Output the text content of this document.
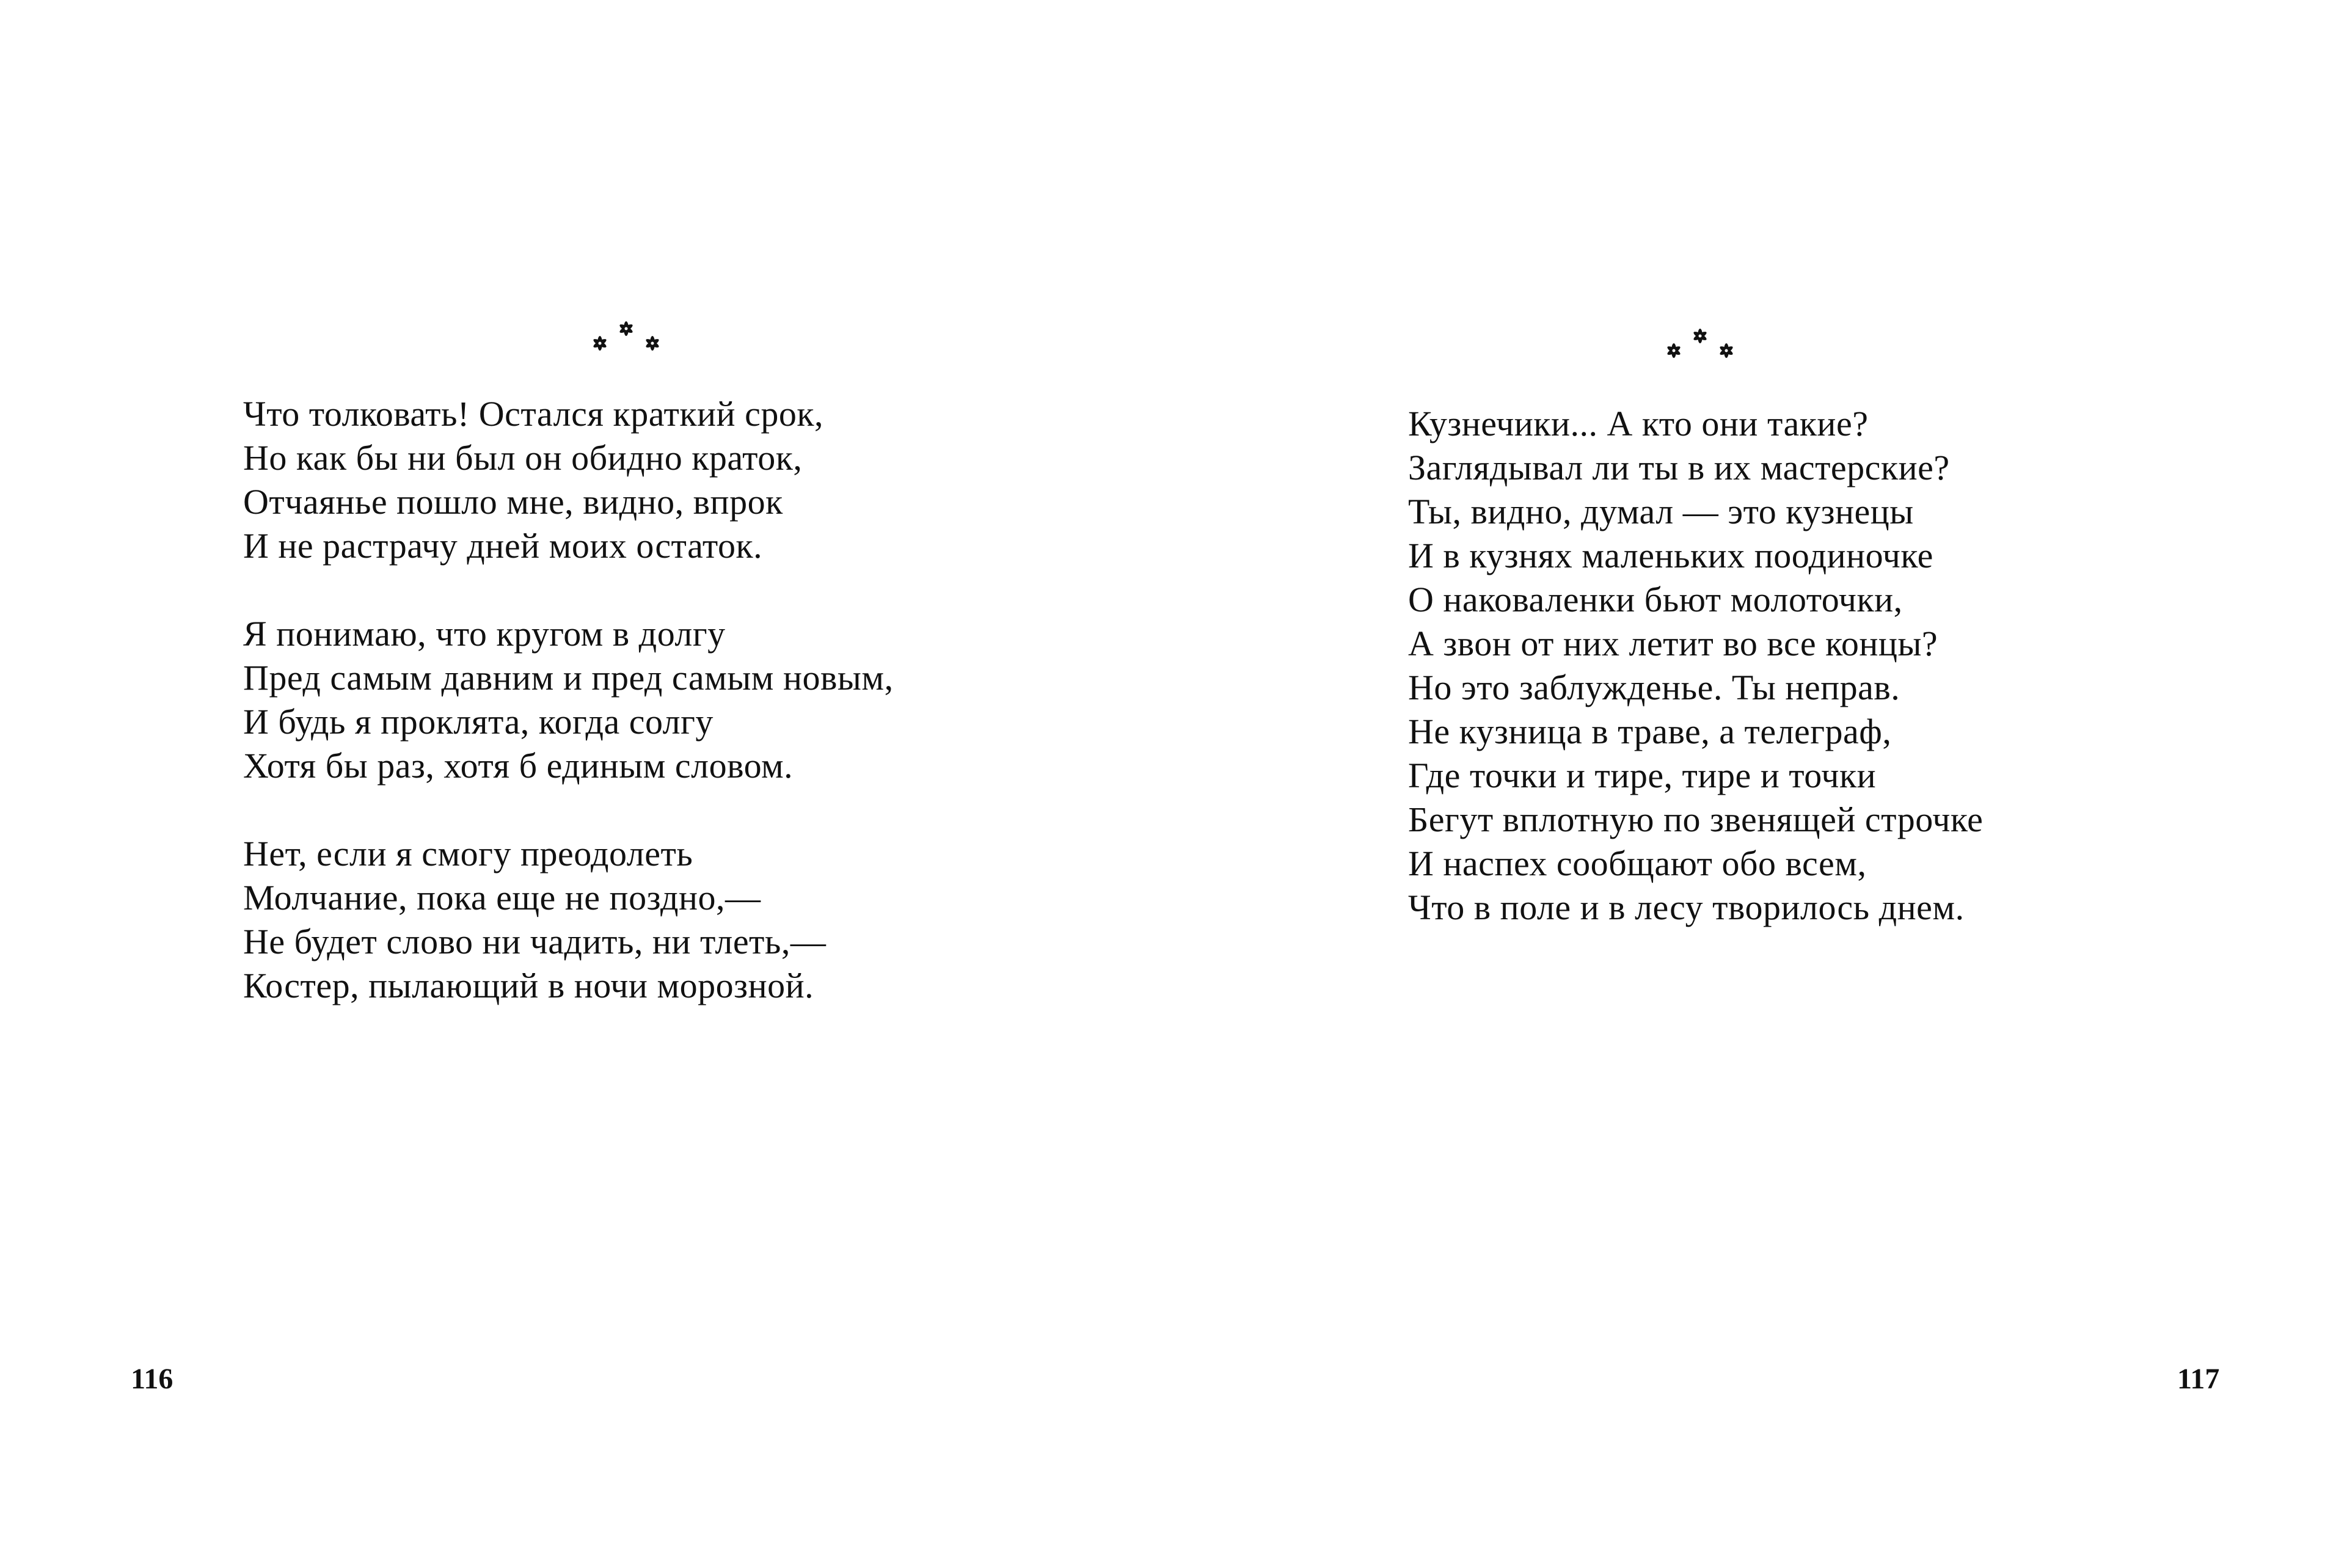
Что толковать! Остался краткий срок,
Но как бы ни был он обидно краток,
Отчаянье пошло мне, видно, впрок
И не растрачу дней моих остаток.
Я понимаю, что кругом в долгу
Пред самым давним и пред самым новым,
И будь я проклята, когда солгу
Хотя бы раз, хотя б единым словом.
Нет, если я смогу преодолеть
Молчание, пока еще не поздно,—
Не будет слово ни чадить, ни тлеть,—
Костер, пылающий в ночи морозной.
116
Кузнечики... А кто они такие?
Заглядывал ли ты в их мастерские?
Ты, видно, думал — это кузнецы
И в кузнях маленьких поодиночке
О наковаленки бьют молоточки,
А звон от них летит во все концы?
Но это заблужденье. Ты неправ.
Не кузница в траве, а телеграф,
Где точки и тире, тире и точки
Бегут вплотную по звенящей строчке
И наспех сообщают обо всем,
Что в поле и в лесу творилось днем.
117
